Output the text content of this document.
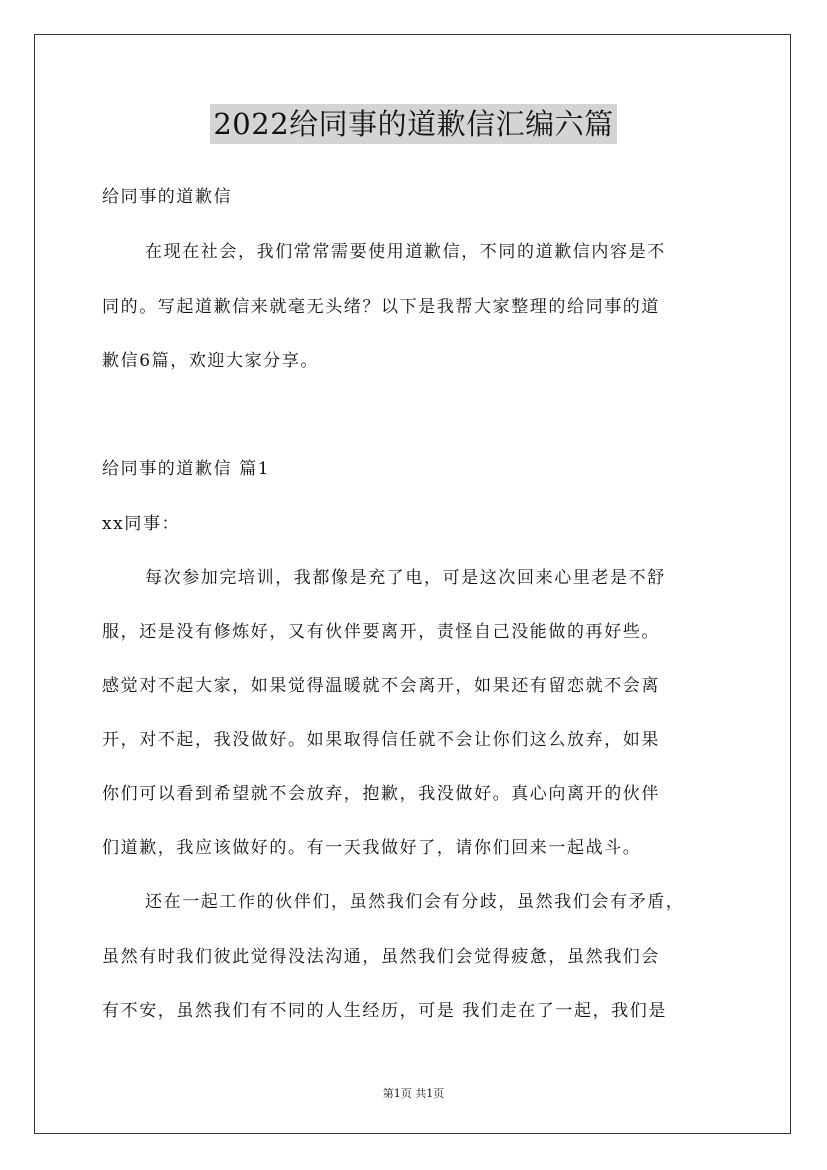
2022给同事的道歉信汇编六篇
给同事的道歉信
在现在社会，我们常常需要使用道歉信，不同的道歉信内容是不
同的。写起道歉信来就毫无头绪？以下是我帮大家整理的给同事的道
歉信6篇，欢迎大家分享。
给同事的道歉信 篇1
xx同事：
每次参加完培训，我都像是充了电，可是这次回来心里老是不舒
服，还是没有修炼好，又有伙伴要离开，责怪自己没能做的再好些。
感觉对不起大家，如果觉得温暖就不会离开，如果还有留恋就不会离
开，对不起，我没做好。如果取得信任就不会让你们这么放弃，如果
你们可以看到希望就不会放弃，抱歉，我没做好。真心向离开的伙伴
们道歉，我应该做好的。有一天我做好了，请你们回来一起战斗。
还在一起工作的伙伴们，虽然我们会有分歧，虽然我们会有矛盾，
虽然有时我们彼此觉得没法沟通，虽然我们会觉得疲惫，虽然我们会
有不安，虽然我们有不同的人生经历，可是 我们走在了一起，我们是
第1页 共1页
